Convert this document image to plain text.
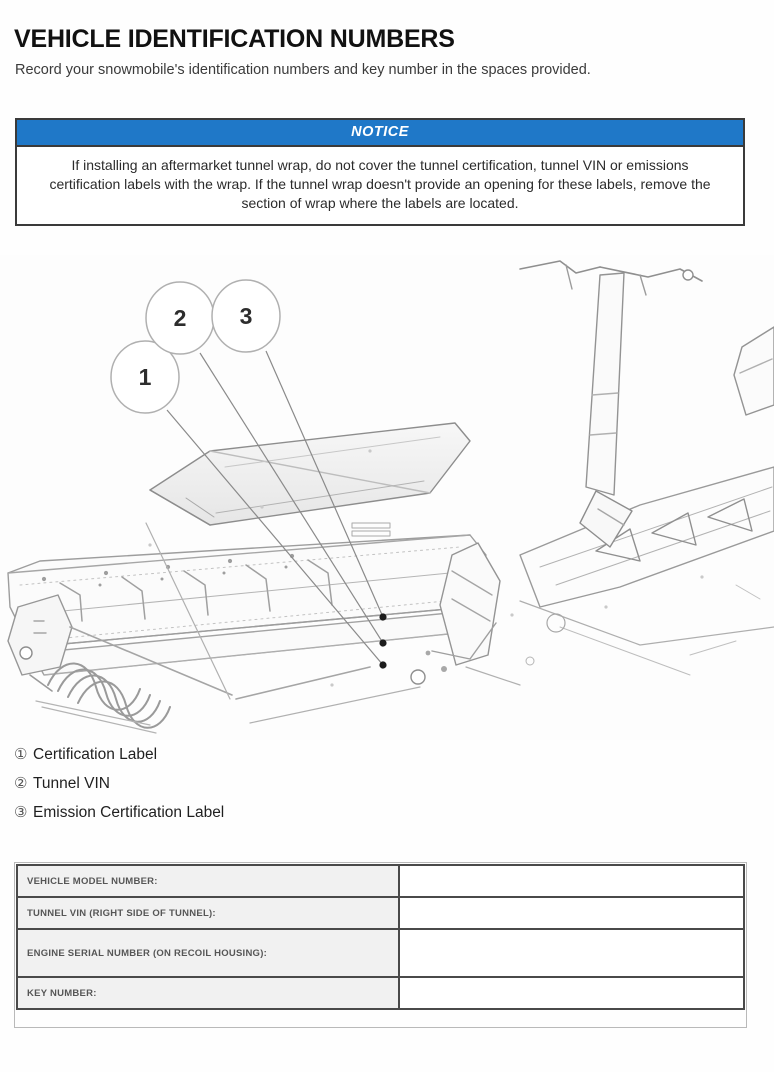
VEHICLE IDENTIFICATION NUMBERS

Record your snowmobile's identification numbers and key number in the spaces provided.

NOTICE
If installing an aftermarket tunnel wrap, do not cover the tunnel certification, tunnel VIN or emissions certification labels with the wrap. If the tunnel wrap doesn't provide an opening for these labels, remove the section of wrap where the labels are located.
1
2 3
① Certification Label
② Tunnel VIN
③ Emission Certification Label
VEHICLE MODEL NUMBER:	
TUNNEL VIN (RIGHT SIDE OF TUNNEL):	
ENGINE SERIAL NUMBER (ON RECOIL HOUSING):	
KEY NUMBER:	
